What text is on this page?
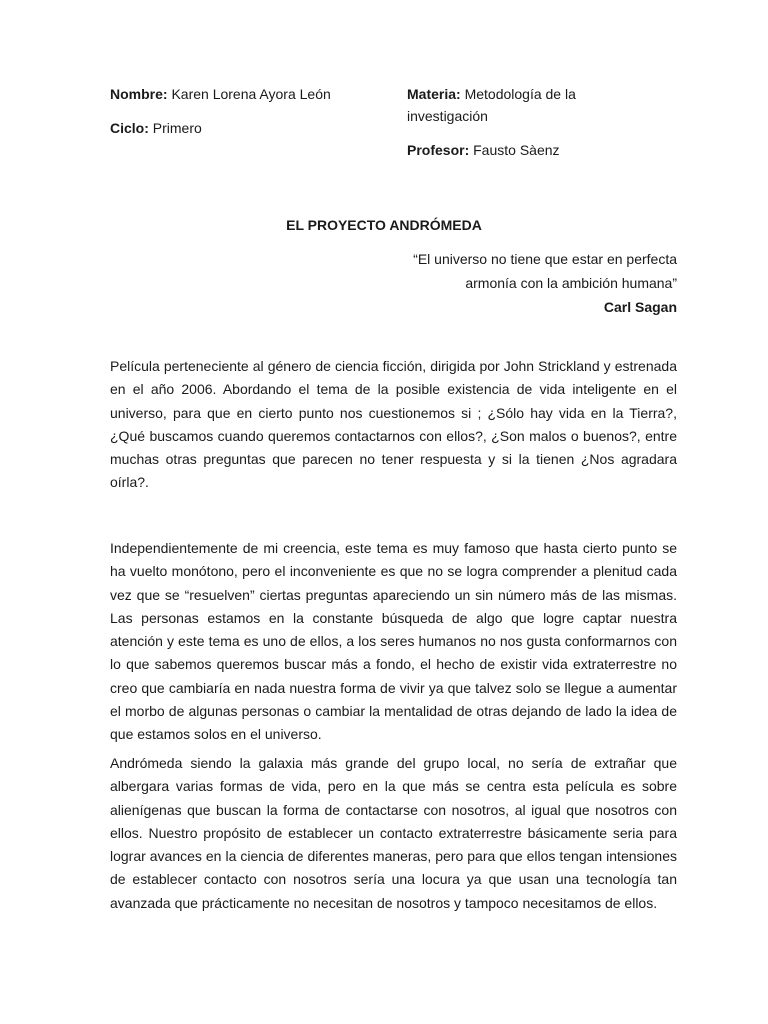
Nombre: Karen Lorena Ayora León
Ciclo: Primero
Materia: Metodología de la
investigación
Profesor: Fausto Sàenz
EL PROYECTO ANDRÓMEDA
“El universo no tiene que estar en perfecta
armonía con la ambición humana”
Carl Sagan
Película perteneciente al género de ciencia ficción, dirigida por John Strickland y estrenada en el año 2006. Abordando el tema de la posible existencia de vida inteligente en el universo, para que en cierto punto nos cuestionemos si ; ¿Sólo hay vida en la Tierra?, ¿Qué buscamos cuando queremos contactarnos con ellos?, ¿Son malos o buenos?, entre muchas otras preguntas que parecen no tener respuesta y si la tienen ¿Nos agradara oírla?.
Independientemente de mi creencia, este tema es muy famoso que hasta cierto punto se ha vuelto monótono, pero el inconveniente es que no se logra comprender a plenitud cada vez que se “resuelven” ciertas preguntas apareciendo un sin número más de las mismas. Las personas estamos en la constante búsqueda de algo que logre captar nuestra atención y este tema es uno de ellos, a los seres humanos no nos gusta conformarnos con lo que sabemos queremos buscar más a fondo, el hecho de existir vida extraterrestre no creo que cambiaría en nada nuestra forma de vivir ya que talvez solo se llegue a aumentar el morbo de algunas personas o cambiar la mentalidad de otras dejando de lado la idea de que estamos solos en el universo.
Andrómeda siendo la galaxia más grande del grupo local, no sería de extrañar que albergara varias formas de vida, pero en la que más se centra esta película es sobre alienígenas que buscan la forma de contactarse con nosotros, al igual que nosotros con ellos. Nuestro propósito de establecer un contacto extraterrestre básicamente seria para lograr avances en la ciencia de diferentes maneras, pero para que ellos tengan intensiones de establecer contacto con nosotros sería una locura ya que usan una tecnología tan avanzada que prácticamente no necesitan de nosotros y tampoco necesitamos de ellos.
